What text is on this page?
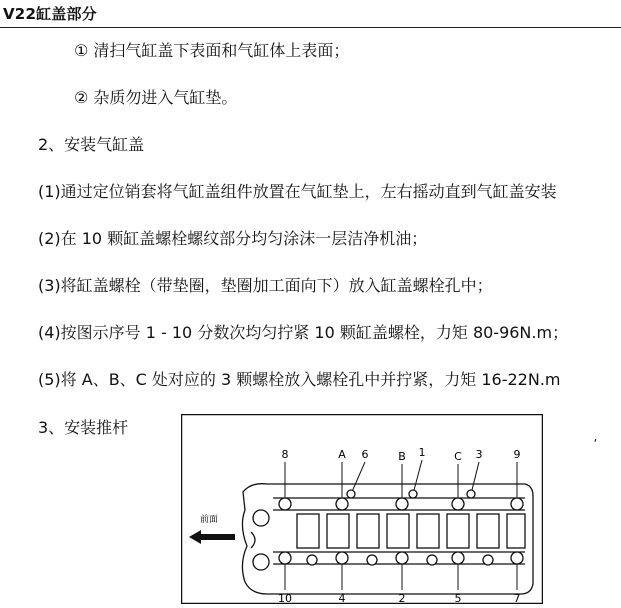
V22缸盖部分
① 清扫气缸盖下表面和气缸体上表面；
② 杂质勿进入气缸垫。
2、安装气缸盖
(1)通过定位销套将气缸盖组件放置在气缸垫上，左右摇动直到气缸盖安装
(2)在 10 颗缸盖螺栓螺纹部分均匀涂沫一层洁净机油；
(3)将缸盖螺栓（带垫圈，垫圈加工面向下）放入缸盖螺栓孔中；
(4)按图示序号 1 - 10 分数次均匀拧紧 10 颗缸盖螺栓，力矩 80-96N.m；
(5)将 A、B、C 处对应的 3 颗螺栓放入螺栓孔中并拧紧，力矩 16-22N.m
3、安装推杆
⸴
8	A 6	B 1	C 3	9
10	4	2	5	7
前面
